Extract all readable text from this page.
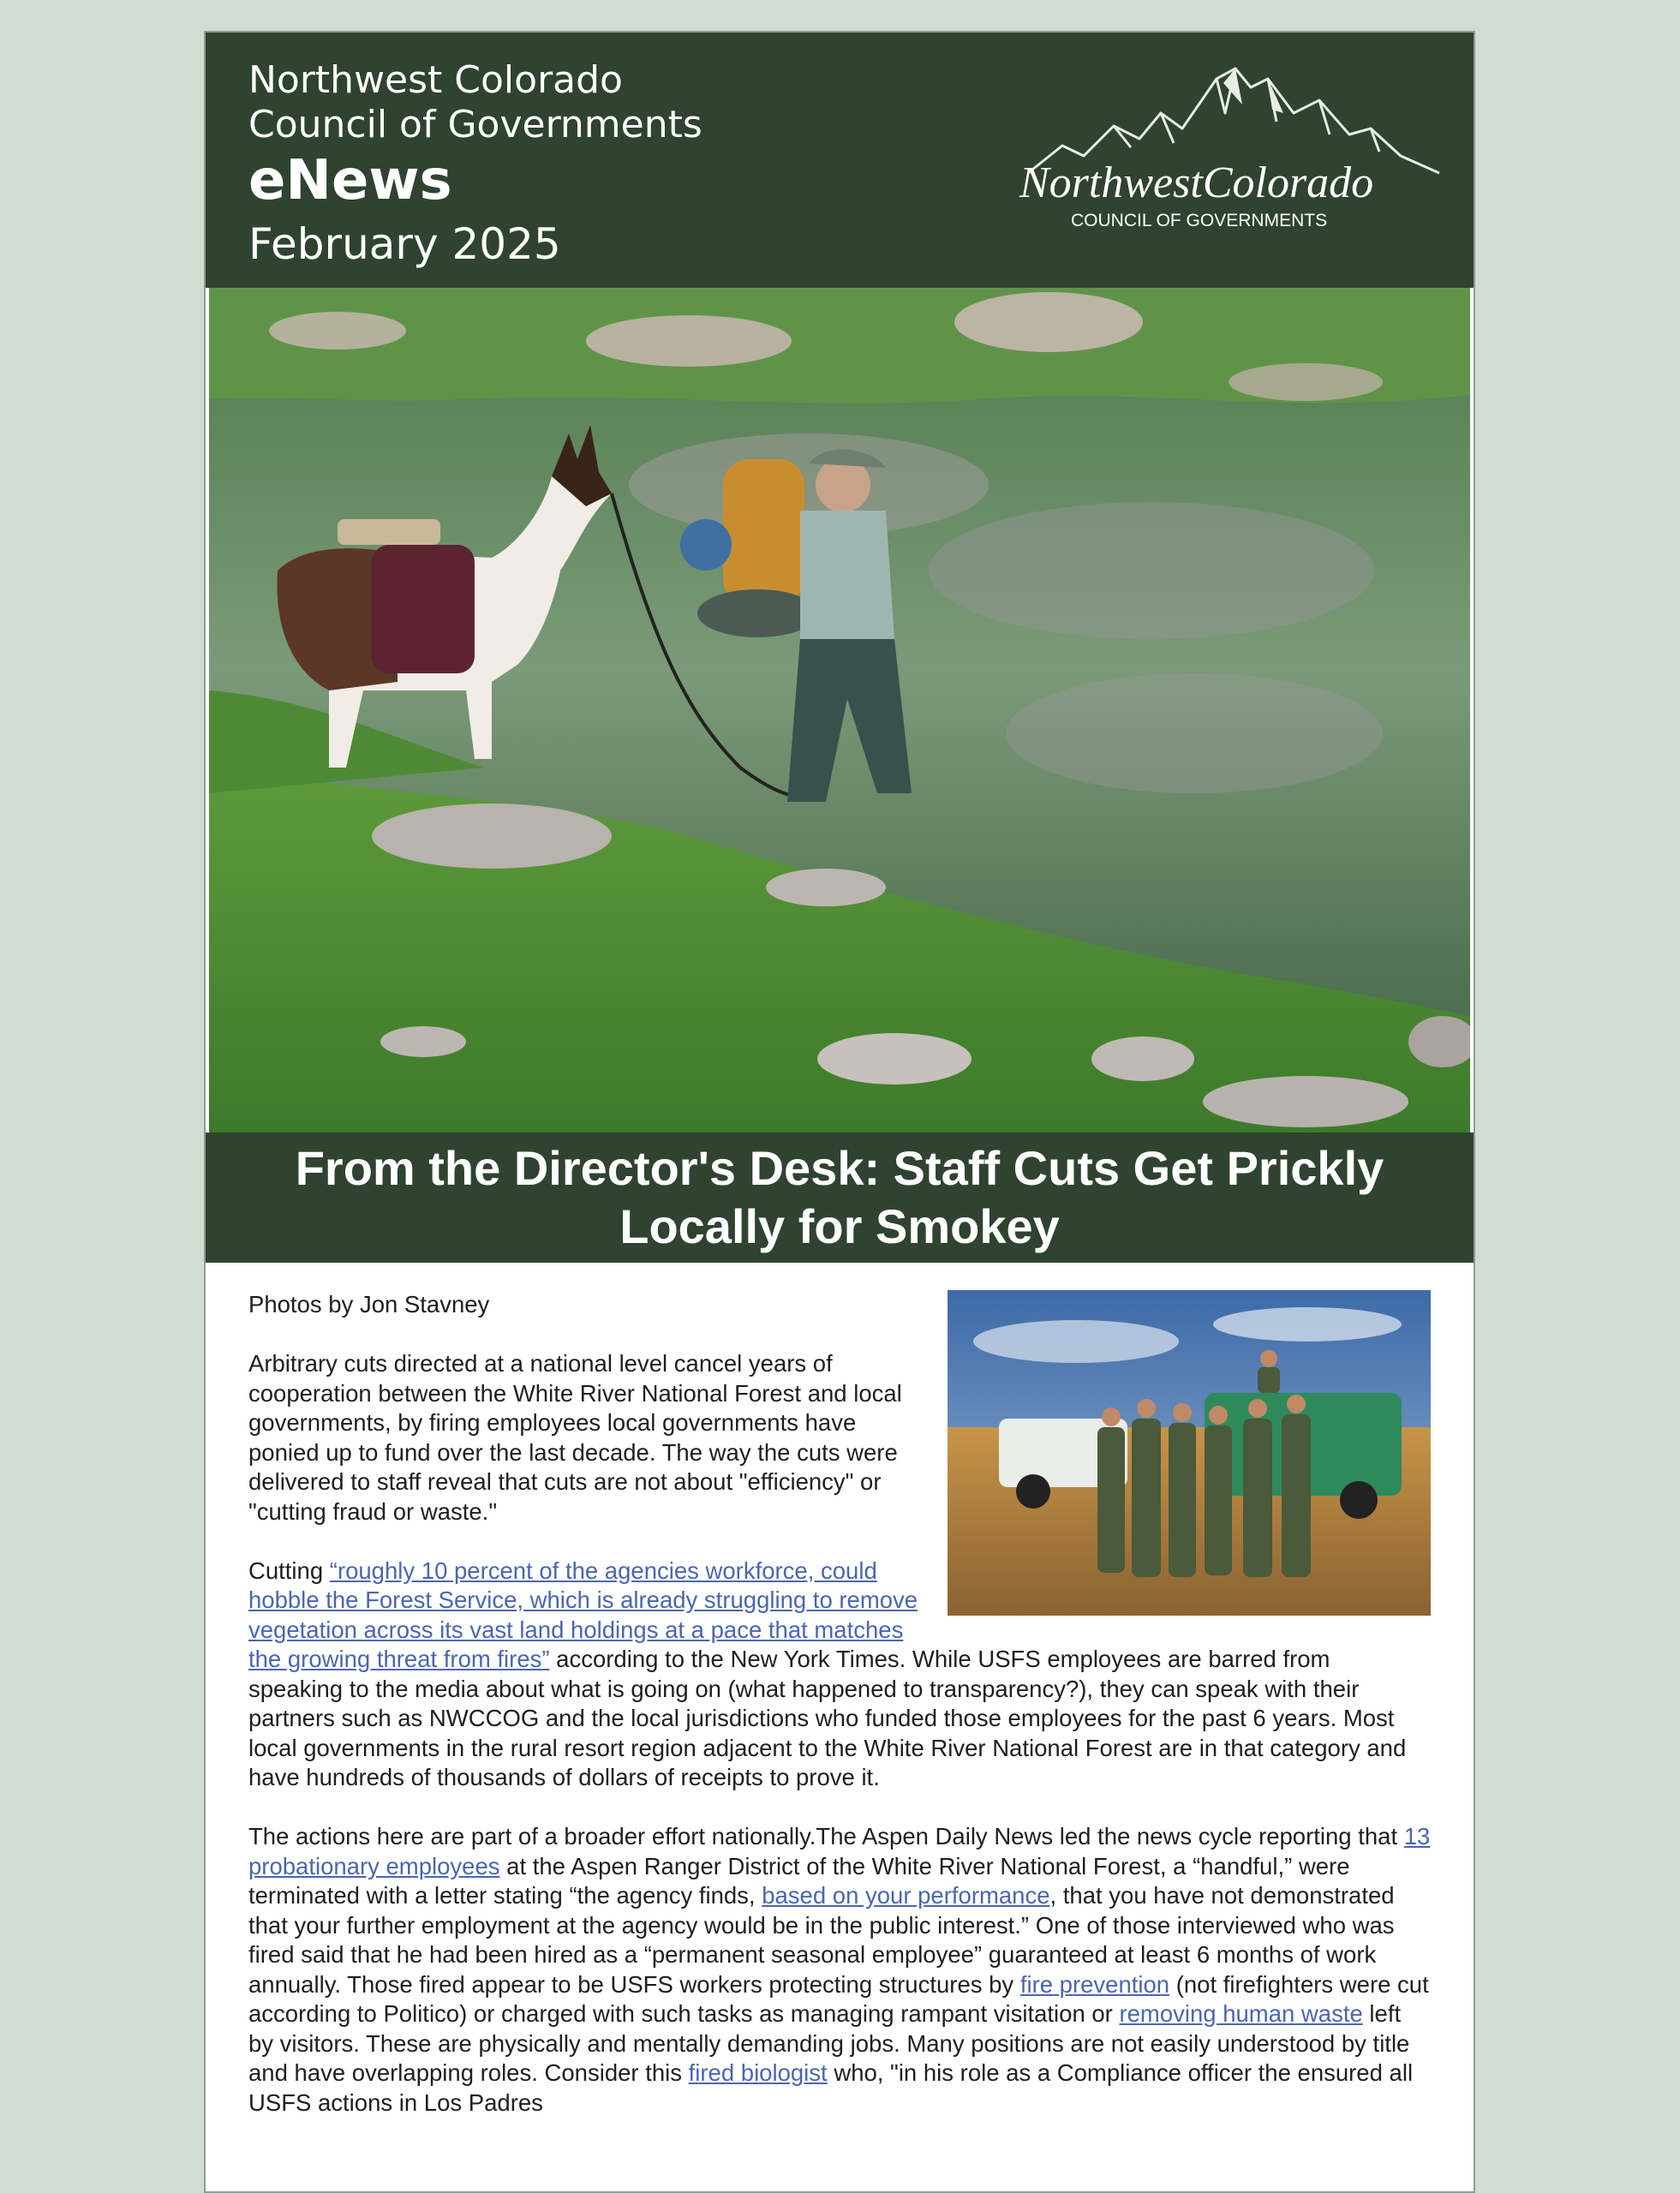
Northwest Colorado
Council of Governments
eNews
February 2025
NorthwestColorado
COUNCIL OF GOVERNMENTS
From the Director's Desk: Staff Cuts Get Prickly Locally for Smokey

Photos by Jon Stavney

Arbitrary cuts directed at a national level cancel years of cooperation between the White River National Forest and local governments, by firing employees local governments have ponied up to fund over the last decade. The way the cuts were delivered to staff reveal that cuts are not about "efficiency" or "cutting fraud or waste."

Cutting “roughly 10 percent of the agencies workforce, could hobble the Forest Service, which is already struggling to remove vegetation across its vast land holdings at a pace that matches the growing threat from fires” according to the New York Times. While USFS employees are barred from speaking to the media about what is going on (what happened to transparency?), they can speak with their partners such as NWCCOG and the local jurisdictions who funded those employees for the past 6 years. Most local governments in the rural resort region adjacent to the White River National Forest are in that category and have hundreds of thousands of dollars of receipts to prove it.

The actions here are part of a broader effort nationally.The Aspen Daily News led the news cycle reporting that 13 probationary employees at the Aspen Ranger District of the White River National Forest, a “handful,” were terminated with a letter stating “the agency finds, based on your performance, that you have not demonstrated that your further employment at the agency would be in the public interest.” One of those interviewed who was fired said that he had been hired as a “permanent seasonal employee” guaranteed at least 6 months of work annually. Those fired appear to be USFS workers protecting structures by fire prevention (not firefighters were cut according to Politico) or charged with such tasks as managing rampant visitation or removing human waste left by visitors. These are physically and mentally demanding jobs. Many positions are not easily understood by title and have overlapping roles. Consider this fired biologist who, "in his role as a Compliance officer the ensured all USFS actions in Los Padres
